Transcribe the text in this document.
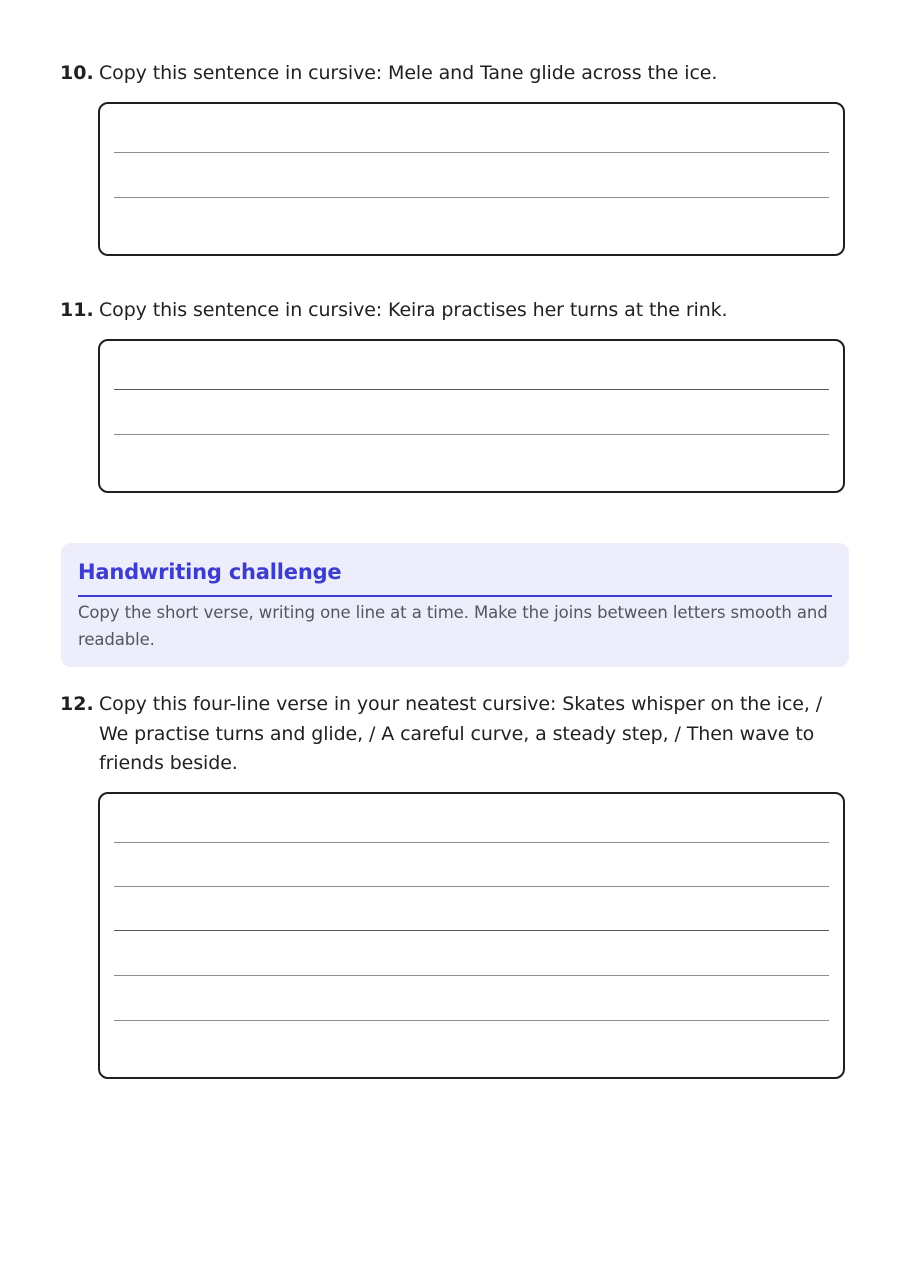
10. Copy this sentence in cursive: Mele and Tane glide across the ice.
11. Copy this sentence in cursive: Keira practises her turns at the rink.
Handwriting challenge
Copy the short verse, writing one line at a time. Make the joins between letters smooth and readable.
12. Copy this four-line verse in your neatest cursive: Skates whisper on the ice, / We practise turns and glide, / A careful curve, a steady step, / Then wave to friends beside.
